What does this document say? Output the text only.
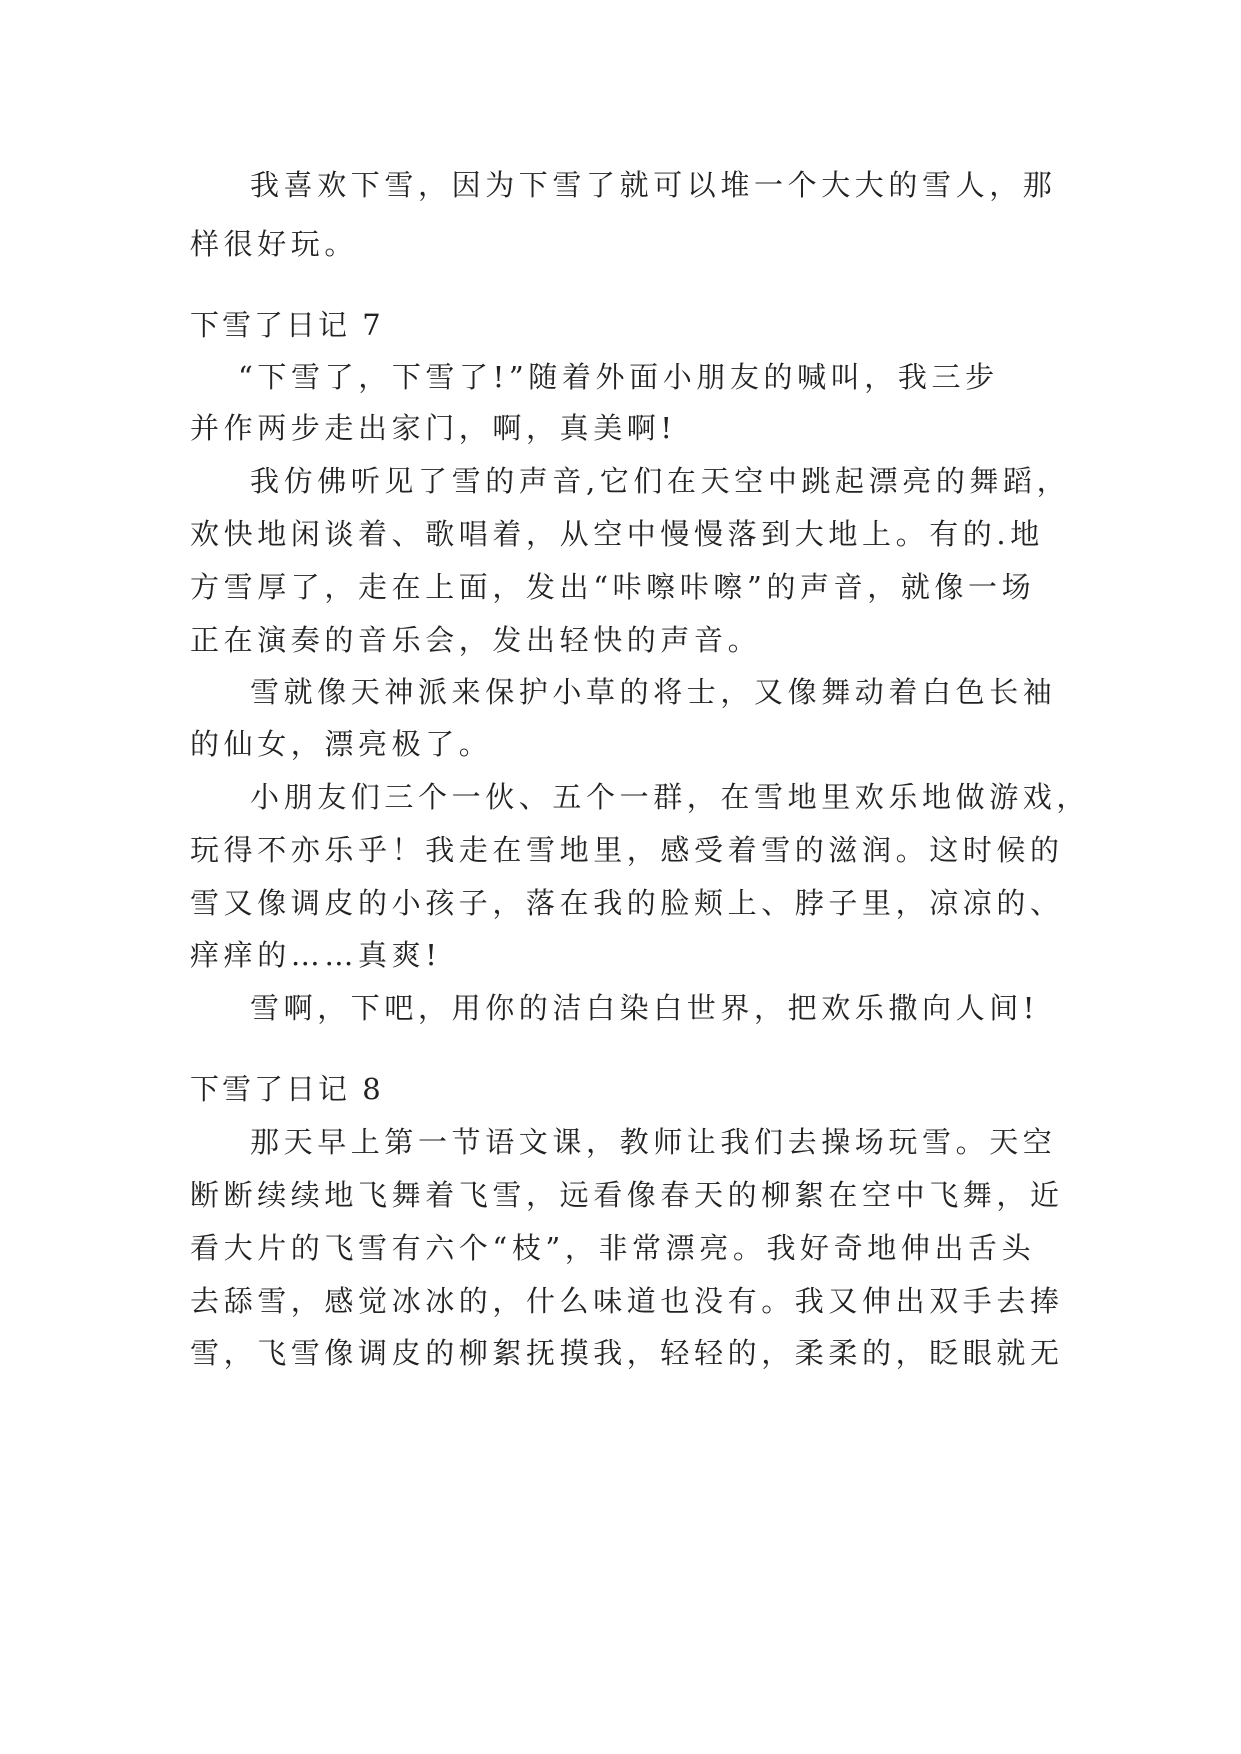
我喜欢下雪，因为下雪了就可以堆一个大大的雪人，那
样很好玩。
下雪了日记 7
“下雪了，下雪了!”随着外面小朋友的喊叫，我三步
并作两步走出家门，啊，真美啊!
我仿佛听见了雪的声音,它们在天空中跳起漂亮的舞蹈，
欢快地闲谈着、歌唱着，从空中慢慢落到大地上。有的.地
方雪厚了，走在上面，发出“咔嚓咔嚓”的声音，就像一场
正在演奏的音乐会，发出轻快的声音。
雪就像天神派来保护小草的将士，又像舞动着白色长袖
的仙女，漂亮极了。
小朋友们三个一伙、五个一群，在雪地里欢乐地做游戏，
玩得不亦乐乎！我走在雪地里，感受着雪的滋润。这时候的
雪又像调皮的小孩子，落在我的脸颊上、脖子里，凉凉的、
痒痒的……真爽!
雪啊，下吧，用你的洁白染白世界，把欢乐撒向人间!
下雪了日记 8
那天早上第一节语文课，教师让我们去操场玩雪。天空
断断续续地飞舞着飞雪，远看像春天的柳絮在空中飞舞，近
看大片的飞雪有六个“枝”，非常漂亮。我好奇地伸出舌头
去舔雪，感觉冰冰的，什么味道也没有。我又伸出双手去捧
雪，飞雪像调皮的柳絮抚摸我，轻轻的，柔柔的，眨眼就无
